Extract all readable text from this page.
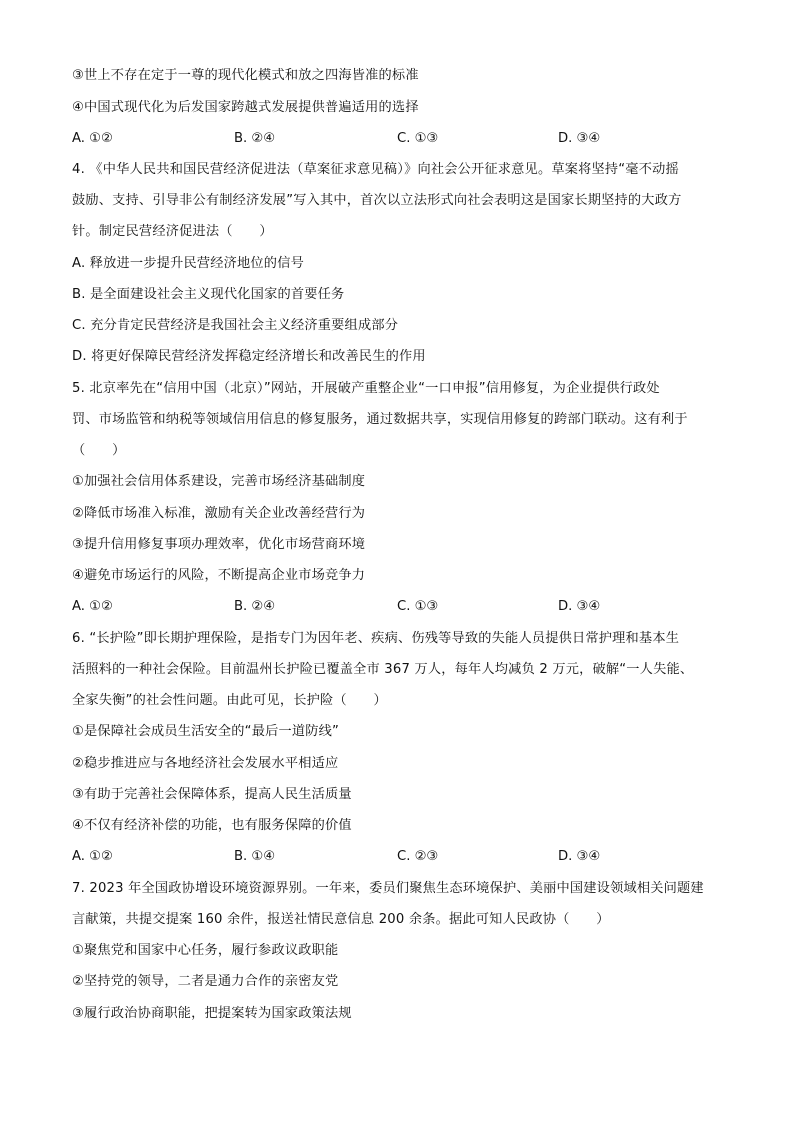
③世上不存在定于一尊的现代化模式和放之四海皆准的标准
④中国式现代化为后发国家跨越式发展提供普遍适用的选择
A. ①②	B. ②④	C. ①③	D. ③④
4. 《中华人民共和国民营经济促进法（草案征求意见稿）》向社会公开征求意见。草案将坚持“毫不动摇
鼓励、支持、引导非公有制经济发展”写入其中，首次以立法形式向社会表明这是国家长期坚持的大政方
针。制定民营经济促进法（　　）
A. 释放进一步提升民营经济地位的信号
B. 是全面建设社会主义现代化国家的首要任务
C. 充分肯定民营经济是我国社会主义经济重要组成部分
D. 将更好保障民营经济发挥稳定经济增长和改善民生的作用
5. 北京率先在“信用中国（北京）”网站，开展破产重整企业“一口申报”信用修复，为企业提供行政处
罚、市场监管和纳税等领域信用信息的修复服务，通过数据共享，实现信用修复的跨部门联动。这有利于
（　　）
①加强社会信用体系建设，完善市场经济基础制度
②降低市场准入标准，激励有关企业改善经营行为
③提升信用修复事项办理效率，优化市场营商环境
④避免市场运行的风险，不断提高企业市场竞争力
A. ①②	B. ②④	C. ①③	D. ③④
6. “长护险”即长期护理保险，是指专门为因年老、疾病、伤残等导致的失能人员提供日常护理和基本生
活照料的一种社会保险。目前温州长护险已覆盖全市 367 万人，每年人均减负 2 万元，破解“一人失能、
全家失衡”的社会性问题。由此可见，长护险（　　）
①是保障社会成员生活安全的“最后一道防线”
②稳步推进应与各地经济社会发展水平相适应
③有助于完善社会保障体系，提高人民生活质量
④不仅有经济补偿的功能，也有服务保障的价值
A. ①②	B. ①④	C. ②③	D. ③④
7. 2023 年全国政协增设环境资源界别。一年来，委员们聚焦生态环境保护、美丽中国建设领域相关问题建
言献策，共提交提案 160 余件，报送社情民意信息 200 余条。据此可知人民政协（　　）
①聚焦党和国家中心任务，履行参政议政职能
②坚持党的领导，二者是通力合作的亲密友党
③履行政治协商职能，把提案转为国家政策法规
